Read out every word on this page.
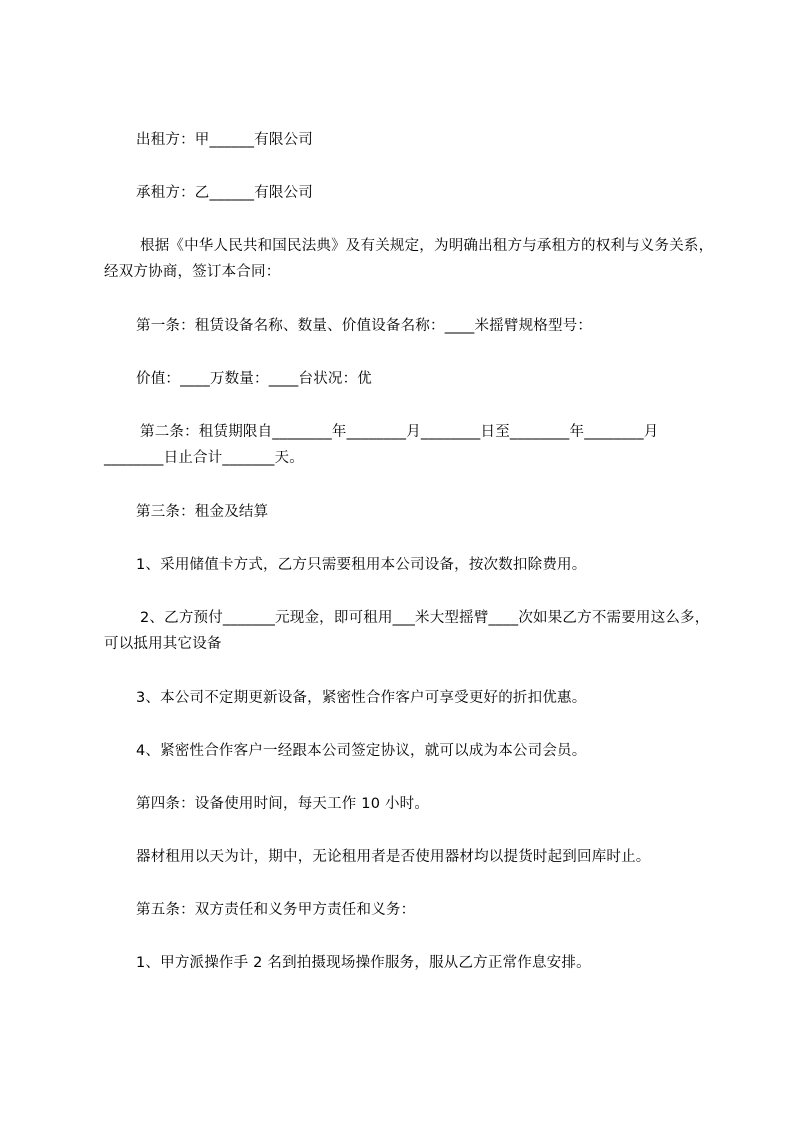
出租方：甲______有限公司
承租方：乙______有限公司
根据《中华人民共和国民法典》及有关规定，为明确出租方与承租方的权利与义务关系，经双方协商，签订本合同：
第一条：租赁设备名称、数量、价值设备名称：____米摇臂规格型号：
价值：____万数量：____台状况：优
第二条：租赁期限自________年________月________日至________年________月________日止合计_______天。
第三条：租金及结算
1、采用储值卡方式，乙方只需要租用本公司设备，按次数扣除费用。
2、乙方预付_______元现金，即可租用___米大型摇臂____次如果乙方不需要用这么多，可以抵用其它设备
3、本公司不定期更新设备，紧密性合作客户可享受更好的折扣优惠。
4、紧密性合作客户一经跟本公司签定协议，就可以成为本公司会员。
第四条：设备使用时间，每天工作 10 小时。
器材租用以天为计，期中，无论租用者是否使用器材均以提货时起到回库时止。
第五条：双方责任和义务甲方责任和义务：
1、甲方派操作手 2 名到拍摄现场操作服务，服从乙方正常作息安排。
